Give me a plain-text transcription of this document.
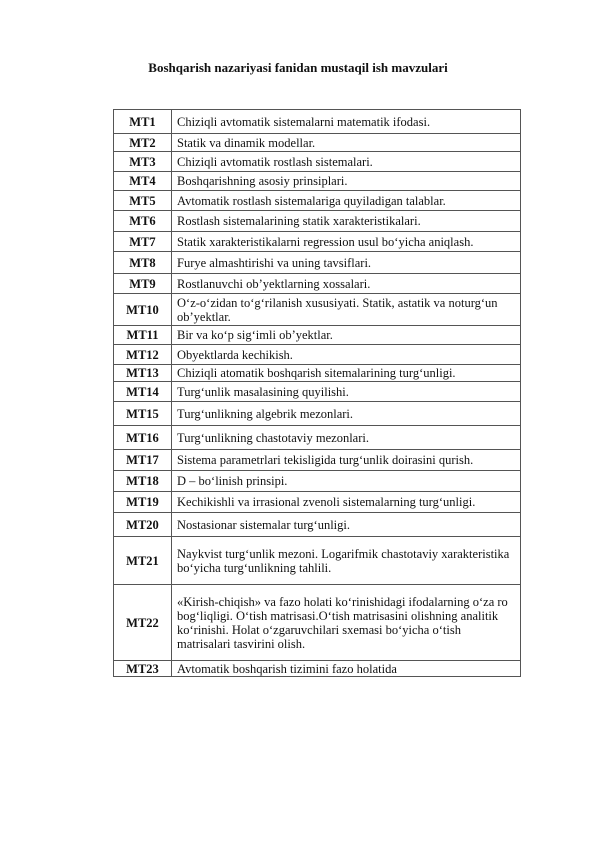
Boshqarish nazariyasi fanidan mustaqil ish mavzulari
MT1	Chiziqli avtomatik sistemalarni matematik ifodasi.
MT2	Statik va dinamik modellar.
MT3	Chiziqli avtomatik rostlash sistemalari.
MT4	Boshqarishning asosiy prinsiplari.
MT5	Avtomatik rostlash sistemalariga quyiladigan talablar.
MT6	Rostlash sistemalarining statik xarakteristikalari.
MT7	Statik xarakteristikalarni regression usul bo‘yicha aniqlash.
MT8	Furye almashtirishi va uning tavsiflari.
MT9	Rostlanuvchi ob’yektlarning xossalari.
MT10	O‘z-o‘zidan to‘g‘rilanish xususiyati. Statik, astatik va noturg‘un ob’yektlar.
MT11	Bir va ko‘p sig‘imli ob’yektlar.
MT12	Obyektlarda kechikish.
MT13	Chiziqli atomatik boshqarish sitemalarining turg‘unligi.
MT14	Turg‘unlik masalasining quyilishi.
MT15	Turg‘unlikning algebrik mezonlari.
MT16	Turg‘unlikning chastotaviy mezonlari.
MT17	Sistema parametrlari tekisligida turg‘unlik doirasini qurish.
MT18	D – bo‘linish prinsipi.
MT19	Kechikishli va irrasional zvenoli sistemalarning turg‘unligi.
MT20	Nostasionar sistemalar turg‘unligi.
MT21	Naykvist turg‘unlik mezoni. Logarifmik chastotaviy xarakteristika bo‘yicha turg‘unlikning tahlili.
MT22	«Kirish-chiqish» va fazo holati ko‘rinishidagi ifodalarning o‘za ro bog‘liqligi. O‘tish matrisasi.O‘tish matrisasini olishning analitik ko‘rinishi. Holat o‘zgaruvchilari sxemasi bo‘yicha o‘tish matrisalari tasvirini olish.
MT23	Avtomatik boshqarish tizimini fazo holatida
